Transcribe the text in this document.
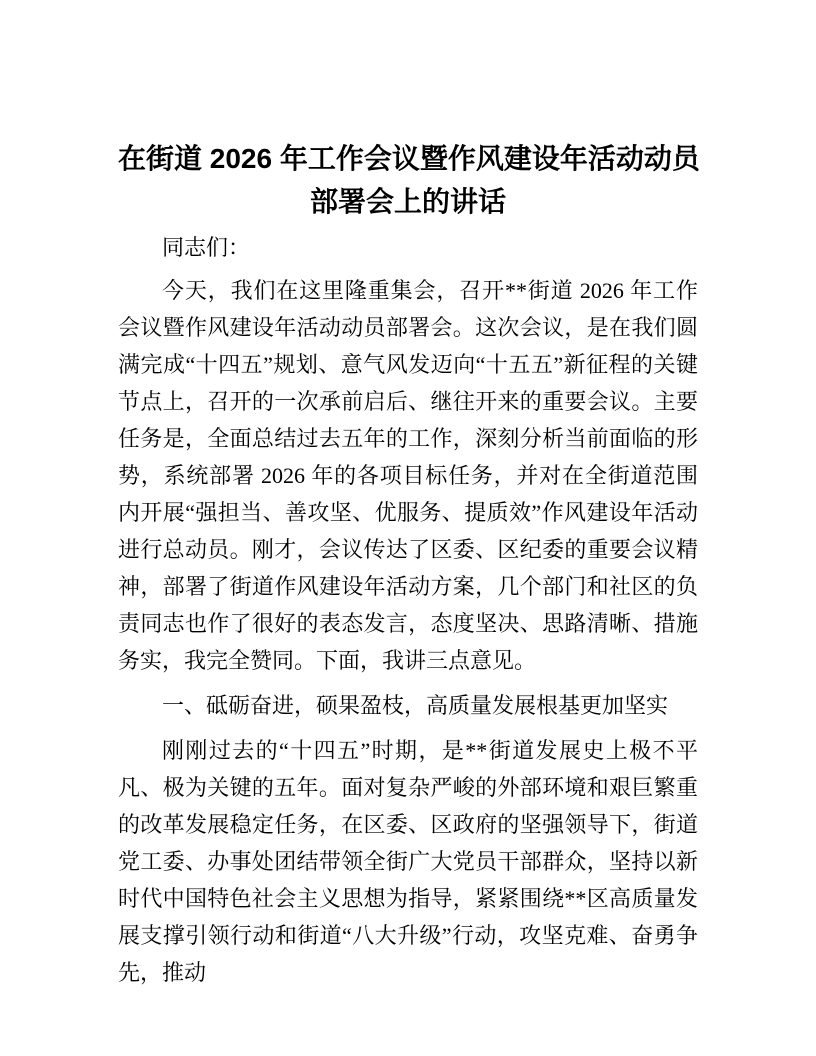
在街道 2026 年工作会议暨作风建设年活动动员
部署会上的讲话

同志们：

今天，我们在这里隆重集会，召开**街道 2026 年工作会议暨作风建设年活动动员部署会。这次会议，是在我们圆满完成“十四五”规划、意气风发迈向“十五五”新征程的关键节点上，召开的一次承前启后、继往开来的重要会议。主要任务是，全面总结过去五年的工作，深刻分析当前面临的形势，系统部署 2026 年的各项目标任务，并对在全街道范围内开展“强担当、善攻坚、优服务、提质效”作风建设年活动进行总动员。刚才，会议传达了区委、区纪委的重要会议精神，部署了街道作风建设年活动方案，几个部门和社区的负责同志也作了很好的表态发言，态度坚决、思路清晰、措施务实，我完全赞同。下面，我讲三点意见。

一、砥砺奋进，硕果盈枝，高质量发展根基更加坚实

刚刚过去的“十四五”时期，是**街道发展史上极不平凡、极为关键的五年。面对复杂严峻的外部环境和艰巨繁重的改革发展稳定任务，在区委、区政府的坚强领导下，街道党工委、办事处团结带领全街广大党员干部群众，坚持以新时代中国特色社会主义思想为指导，紧紧围绕**区高质量发展支撑引领行动和街道“八大升级”行动，攻坚克难、奋勇争先，推动
